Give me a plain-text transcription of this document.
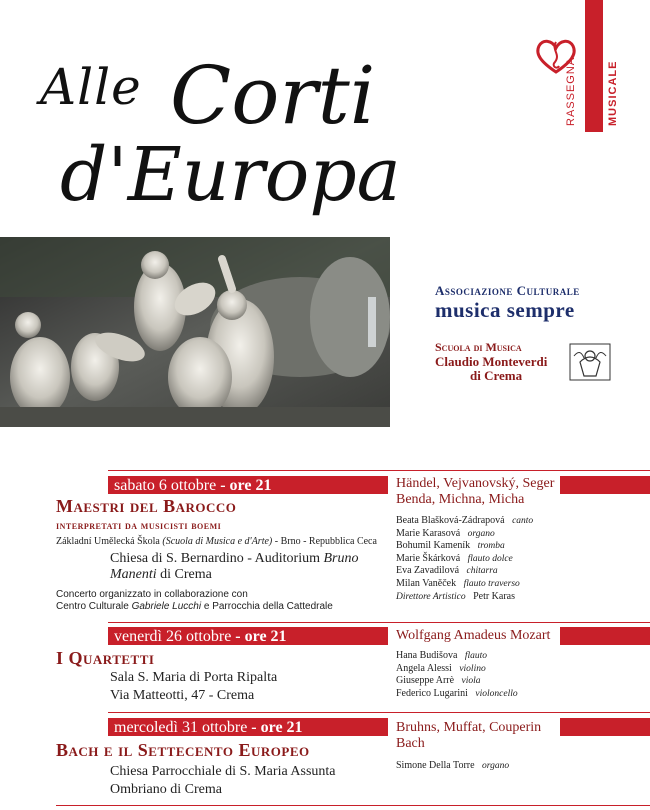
Alle Corti
d'Europa
RASSEGNA	MUSICALE
Associazione Culturale
musica sempre
Scuola di Musica
Claudio Monteverdi
di Crema
sabato 6 ottobre - ore 21
Maestri del Barocco
interpretati da musicisti boemi
Základní Umělecká Škola (Scuola di Musica e d'Arte) - Brno - Repubblica Ceca
Chiesa di S. Bernardino - Auditorium Bruno
Manenti di Crema
Concerto organizzato in collaborazione con
Centro Culturale Gabriele Lucchi e Parrocchia della Cattedrale
Händel, Vejvanovský, Seger
Benda, Michna, Micha
Beata Blašková-Zádrapová canto
Marie Karasová organo
Bohumil Kameník tromba
Marie Škárková flauto dolce
Eva Zavadilová chitarra
Milan Vaněček flauto traverso
Direttore Artistico Petr Karas
venerdì 26 ottobre - ore 21
I Quartetti
Sala S. Maria di Porta Ripalta
Via Matteotti, 47 - Crema
Wolfgang Amadeus Mozart
Hana Budišova flauto
Angela Alessi violino
Giuseppe Arrè viola
Federico Lugarini violoncello
mercoledì 31 ottobre - ore 21
Bach e il Settecento Europeo
Chiesa Parrocchiale di S. Maria Assunta
Ombriano di Crema
Bruhns, Muffat, Couperin
Bach
Simone Della Torre organo
